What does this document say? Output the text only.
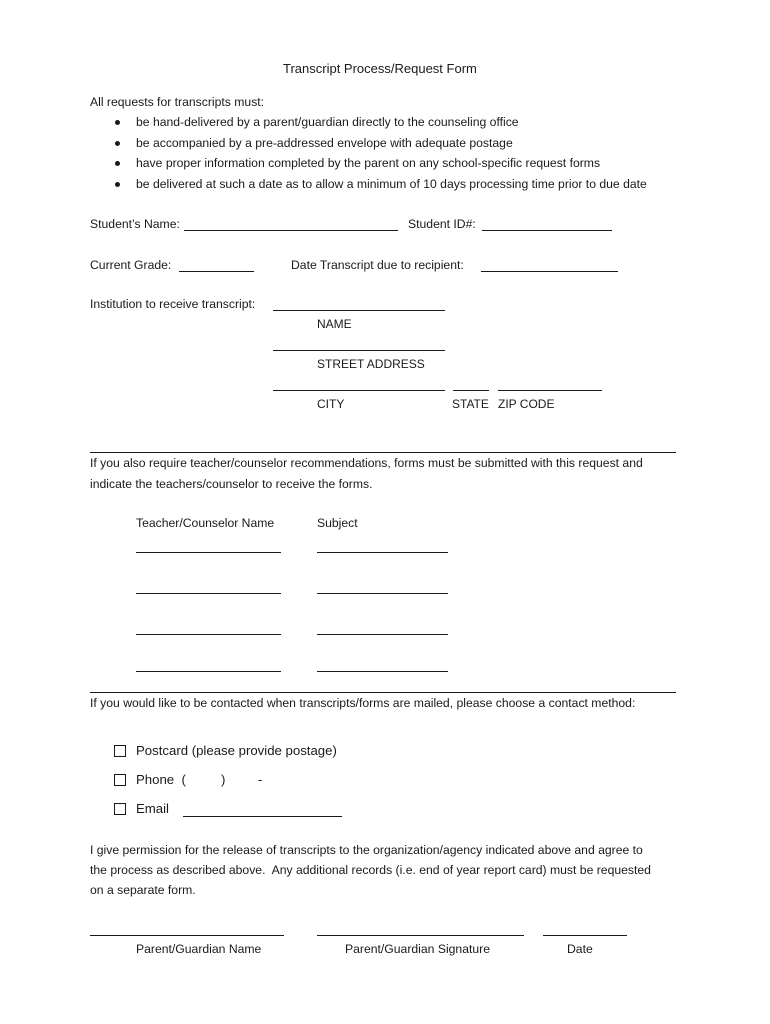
Transcript Process/Request Form
All requests for transcripts must:
be hand-delivered by a parent/guardian directly to the counseling office
be accompanied by a pre-addressed envelope with adequate postage
have proper information completed by the parent on any school-specific request forms
be delivered at such a date as to allow a minimum of 10 days processing time prior to due date
Student’s Name:	Student ID#:
Current Grade:	Date Transcript due to recipient:
Institution to receive transcript:
NAME
STREET ADDRESS
CITY	STATE ZIP CODE
If you also require teacher/counselor recommendations, forms must be submitted with this request and
indicate the teachers/counselor to receive the forms.
Teacher/Counselor Name	Subject
If you would like to be contacted when transcripts/forms are mailed, please choose a contact method:
Postcard (please provide postage)
Phone  (	) -
Email
I give permission for the release of transcripts to the organization/agency indicated above and agree to
the process as described above.  Any additional records (i.e. end of year report card) must be requested
on a separate form.
Parent/Guardian Name	Parent/Guardian Signature	Date
